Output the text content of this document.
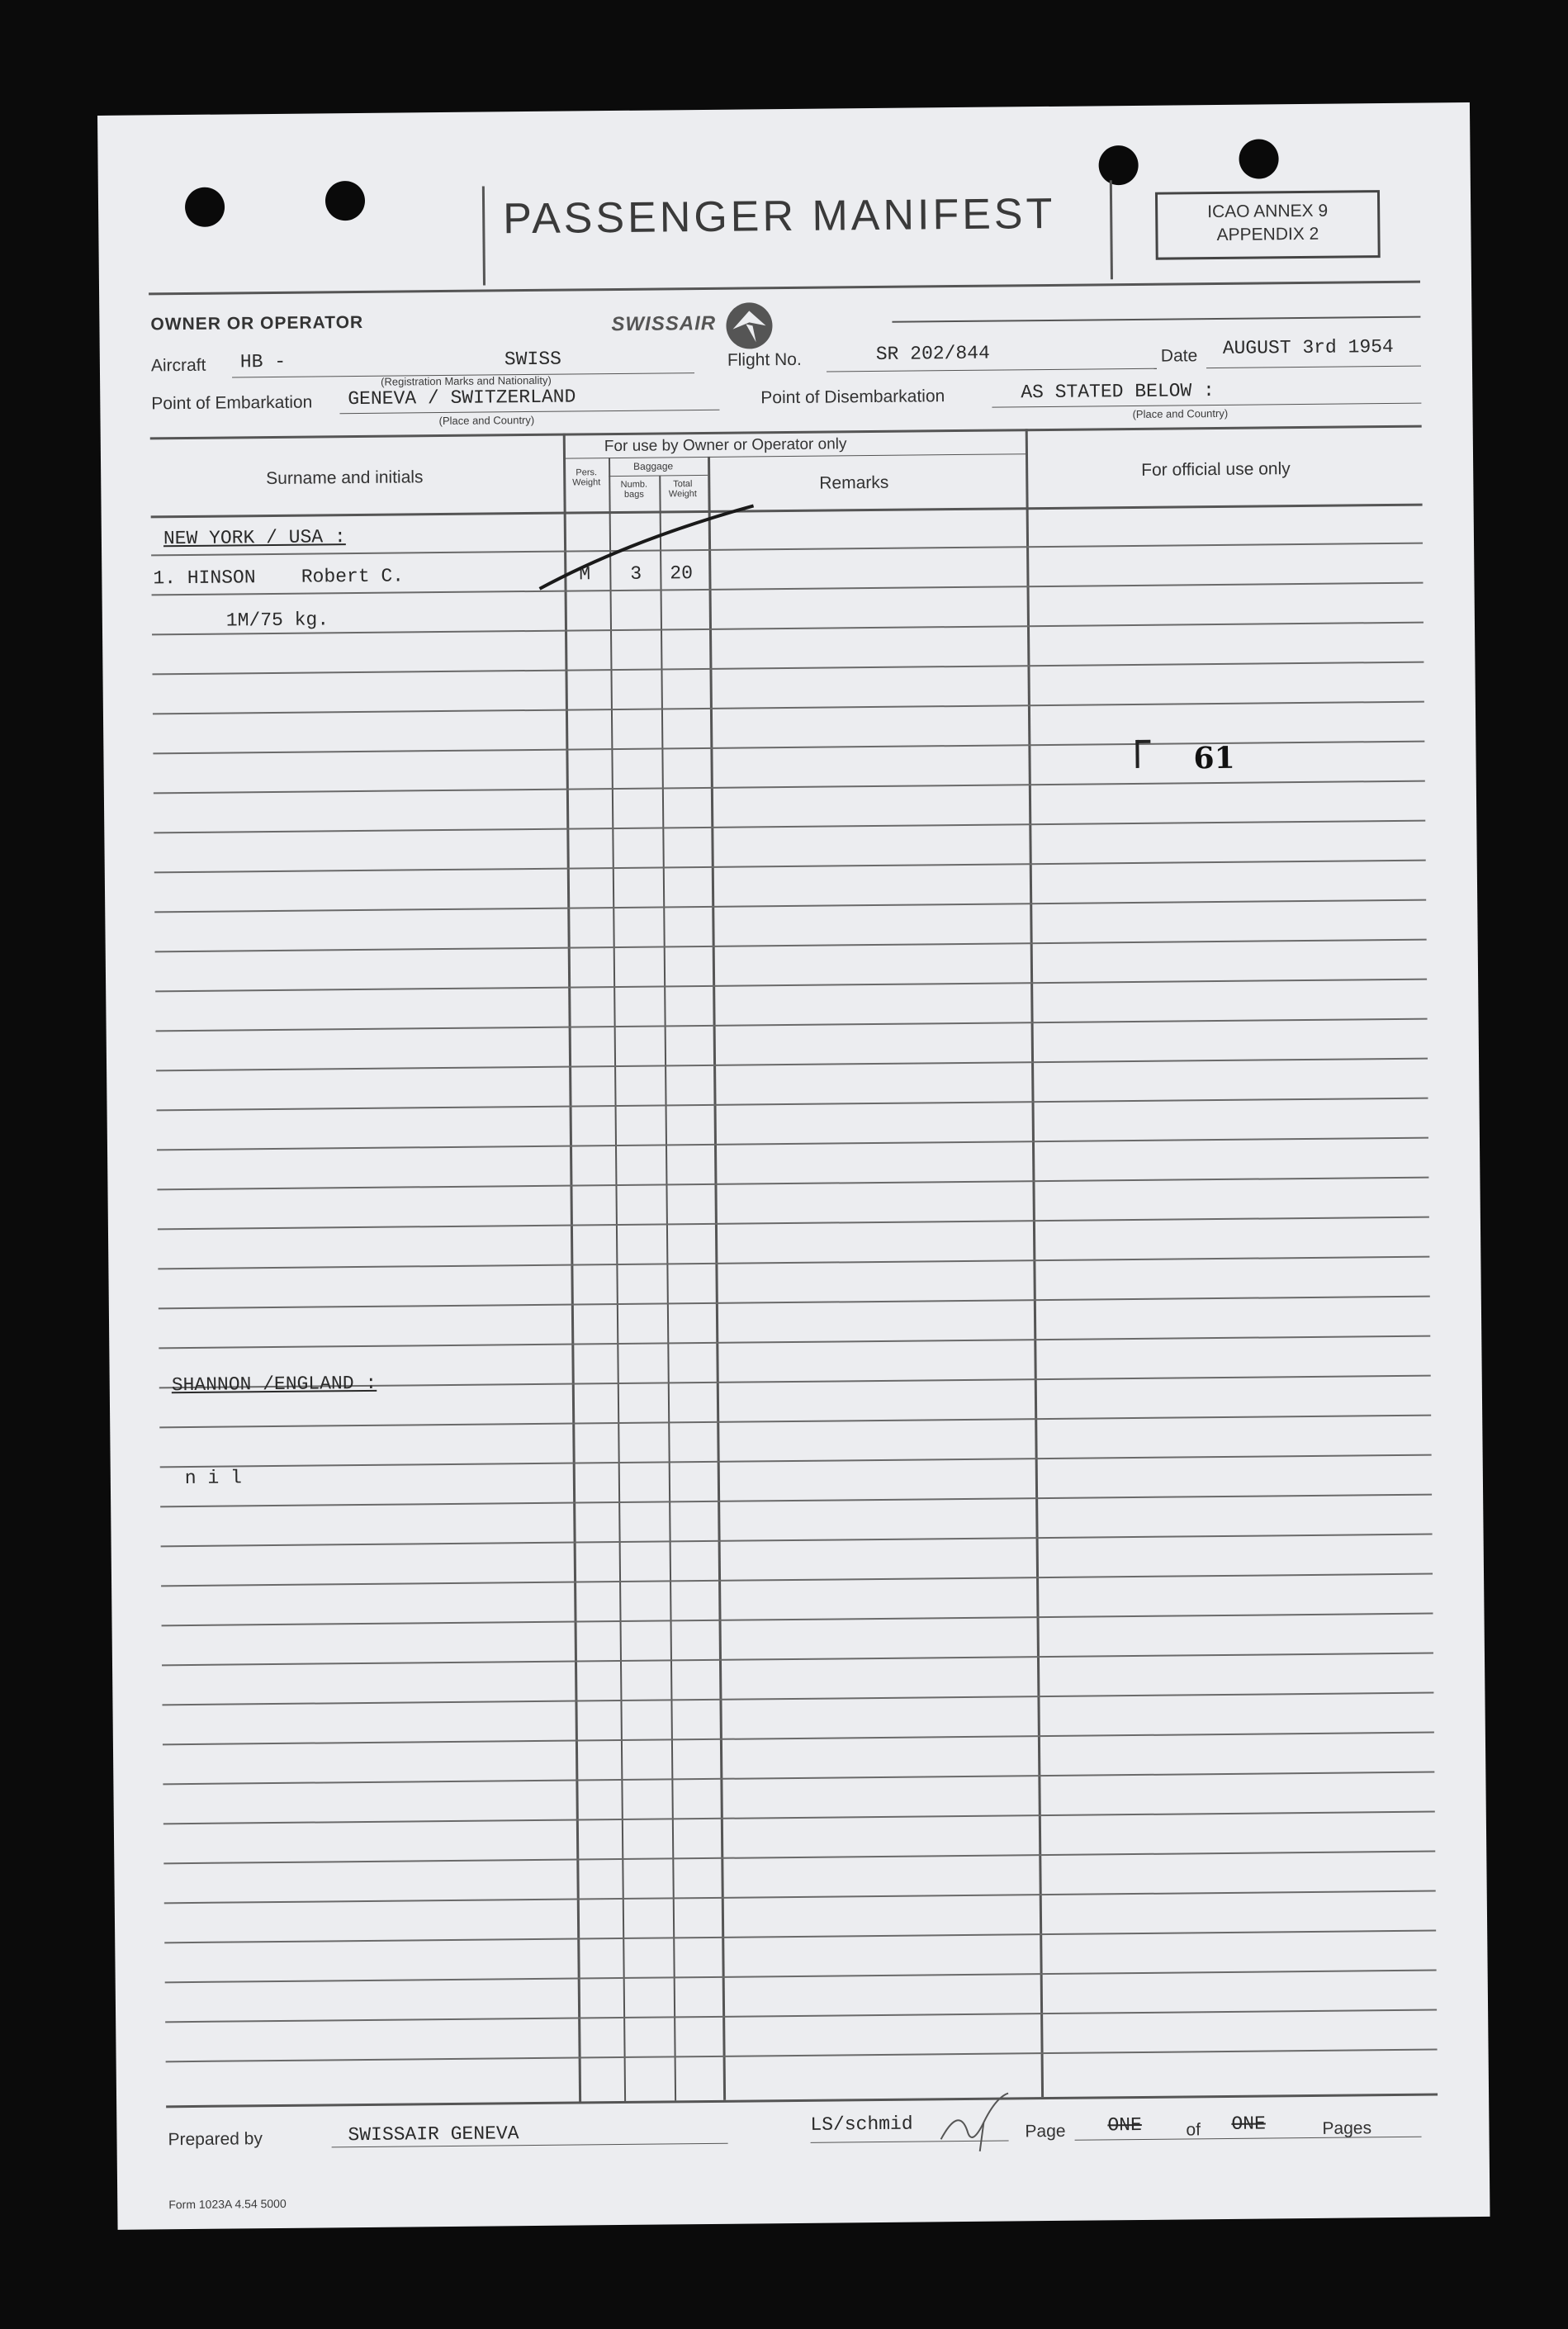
PASSENGER MANIFEST	ICAO ANNEX 9
APPENDIX 2
OWNER OR OPERATOR	SWISSAIR
Aircraft HB -	SWISS
(Registration Marks and Nationality)
Flight No.	SR 202/844	Date AUGUST 3rd 1954
Point of Embarkation GENEVA / SWITZERLAND
(Place and Country)
Point of Disembarkation	AS STATED BELOW :
(Place and Country)
Surname and initials
For use by Owner or Operator only
Pers. Weight
Baggage
Numb. bags
Total Weight
Remarks
For official use only
NEW YORK / USA :
1. HINSON    Robert C.	M 3 20
1M/75 kg.
SHANNON /ENGLAND :
n i l
61
Prepared by	SWISSAIR GENEVA	LS/schmid	Page ONE	of ONE	Pages
Form 1023A 4.54 5000
